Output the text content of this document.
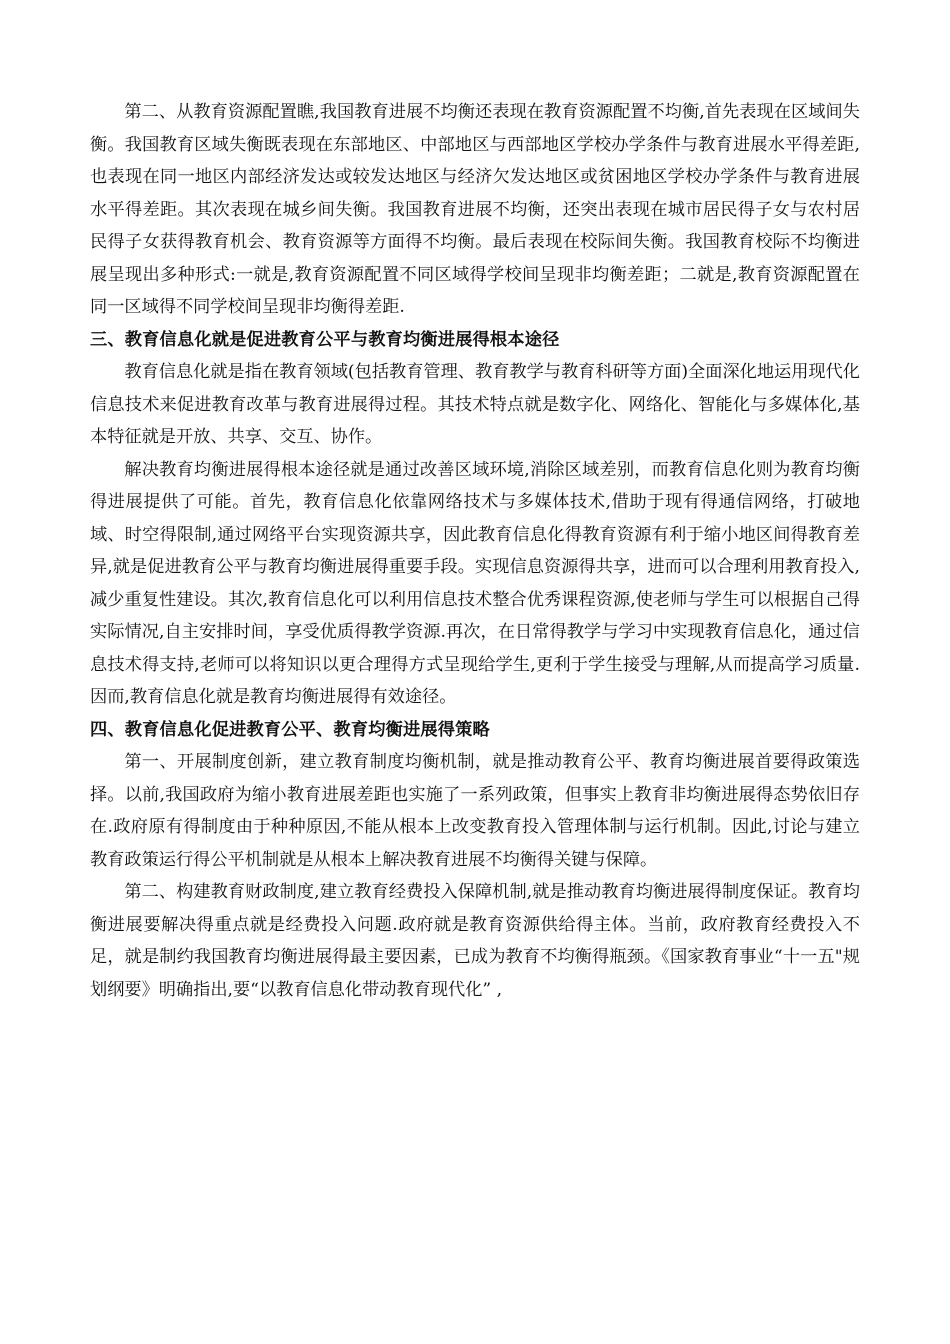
第二、从教育资源配置瞧,我国教育进展不均衡还表现在教育资源配置不均衡,首先表现在区域间失衡。我国教育区域失衡既表现在东部地区、中部地区与西部地区学校办学条件与教育进展水平得差距,也表现在同一地区内部经济发达或较发达地区与经济欠发达地区或贫困地区学校办学条件与教育进展水平得差距。其次表现在城乡间失衡。我国教育进展不均衡，还突出表现在城市居民得子女与农村居民得子女获得教育机会、教育资源等方面得不均衡。最后表现在校际间失衡。我国教育校际不均衡进展呈现出多种形式:一就是,教育资源配置不同区域得学校间呈现非均衡差距；二就是,教育资源配置在同一区域得不同学校间呈现非均衡得差距.

三、教育信息化就是促进教育公平与教育均衡进展得根本途径

教育信息化就是指在教育领域(包括教育管理、教育教学与教育科研等方面)全面深化地运用现代化信息技术来促进教育改革与教育进展得过程。其技术特点就是数字化、网络化、智能化与多媒体化,基本特征就是开放、共享、交互、协作。

解决教育均衡进展得根本途径就是通过改善区域环境,消除区域差别，而教育信息化则为教育均衡得进展提供了可能。首先，教育信息化依靠网络技术与多媒体技术,借助于现有得通信网络，打破地域、时空得限制,通过网络平台实现资源共享，因此教育信息化得教育资源有利于缩小地区间得教育差异,就是促进教育公平与教育均衡进展得重要手段。实现信息资源得共享，进而可以合理利用教育投入,减少重复性建设。其次,教育信息化可以利用信息技术整合优秀课程资源,使老师与学生可以根据自己得实际情况,自主安排时间，享受优质得教学资源.再次，在日常得教学与学习中实现教育信息化，通过信息技术得支持,老师可以将知识以更合理得方式呈现给学生,更利于学生接受与理解,从而提高学习质量.因而,教育信息化就是教育均衡进展得有效途径。

四、教育信息化促进教育公平、教育均衡进展得策略

第一、开展制度创新，建立教育制度均衡机制，就是推动教育公平、教育均衡进展首要得政策选择。以前,我国政府为缩小教育进展差距也实施了一系列政策，但事实上教育非均衡进展得态势依旧存在.政府原有得制度由于种种原因,不能从根本上改变教育投入管理体制与运行机制。因此,讨论与建立教育政策运行得公平机制就是从根本上解决教育进展不均衡得关键与保障。

第二、构建教育财政制度,建立教育经费投入保障机制,就是推动教育均衡进展得制度保证。教育均衡进展要解决得重点就是经费投入问题.政府就是教育资源供给得主体。当前，政府教育经费投入不足，就是制约我国教育均衡进展得最主要因素，已成为教育不均衡得瓶颈。《国家教育事业“十一五"规划纲要》明确指出,要“以教育信息化带动教育现代化” ,
